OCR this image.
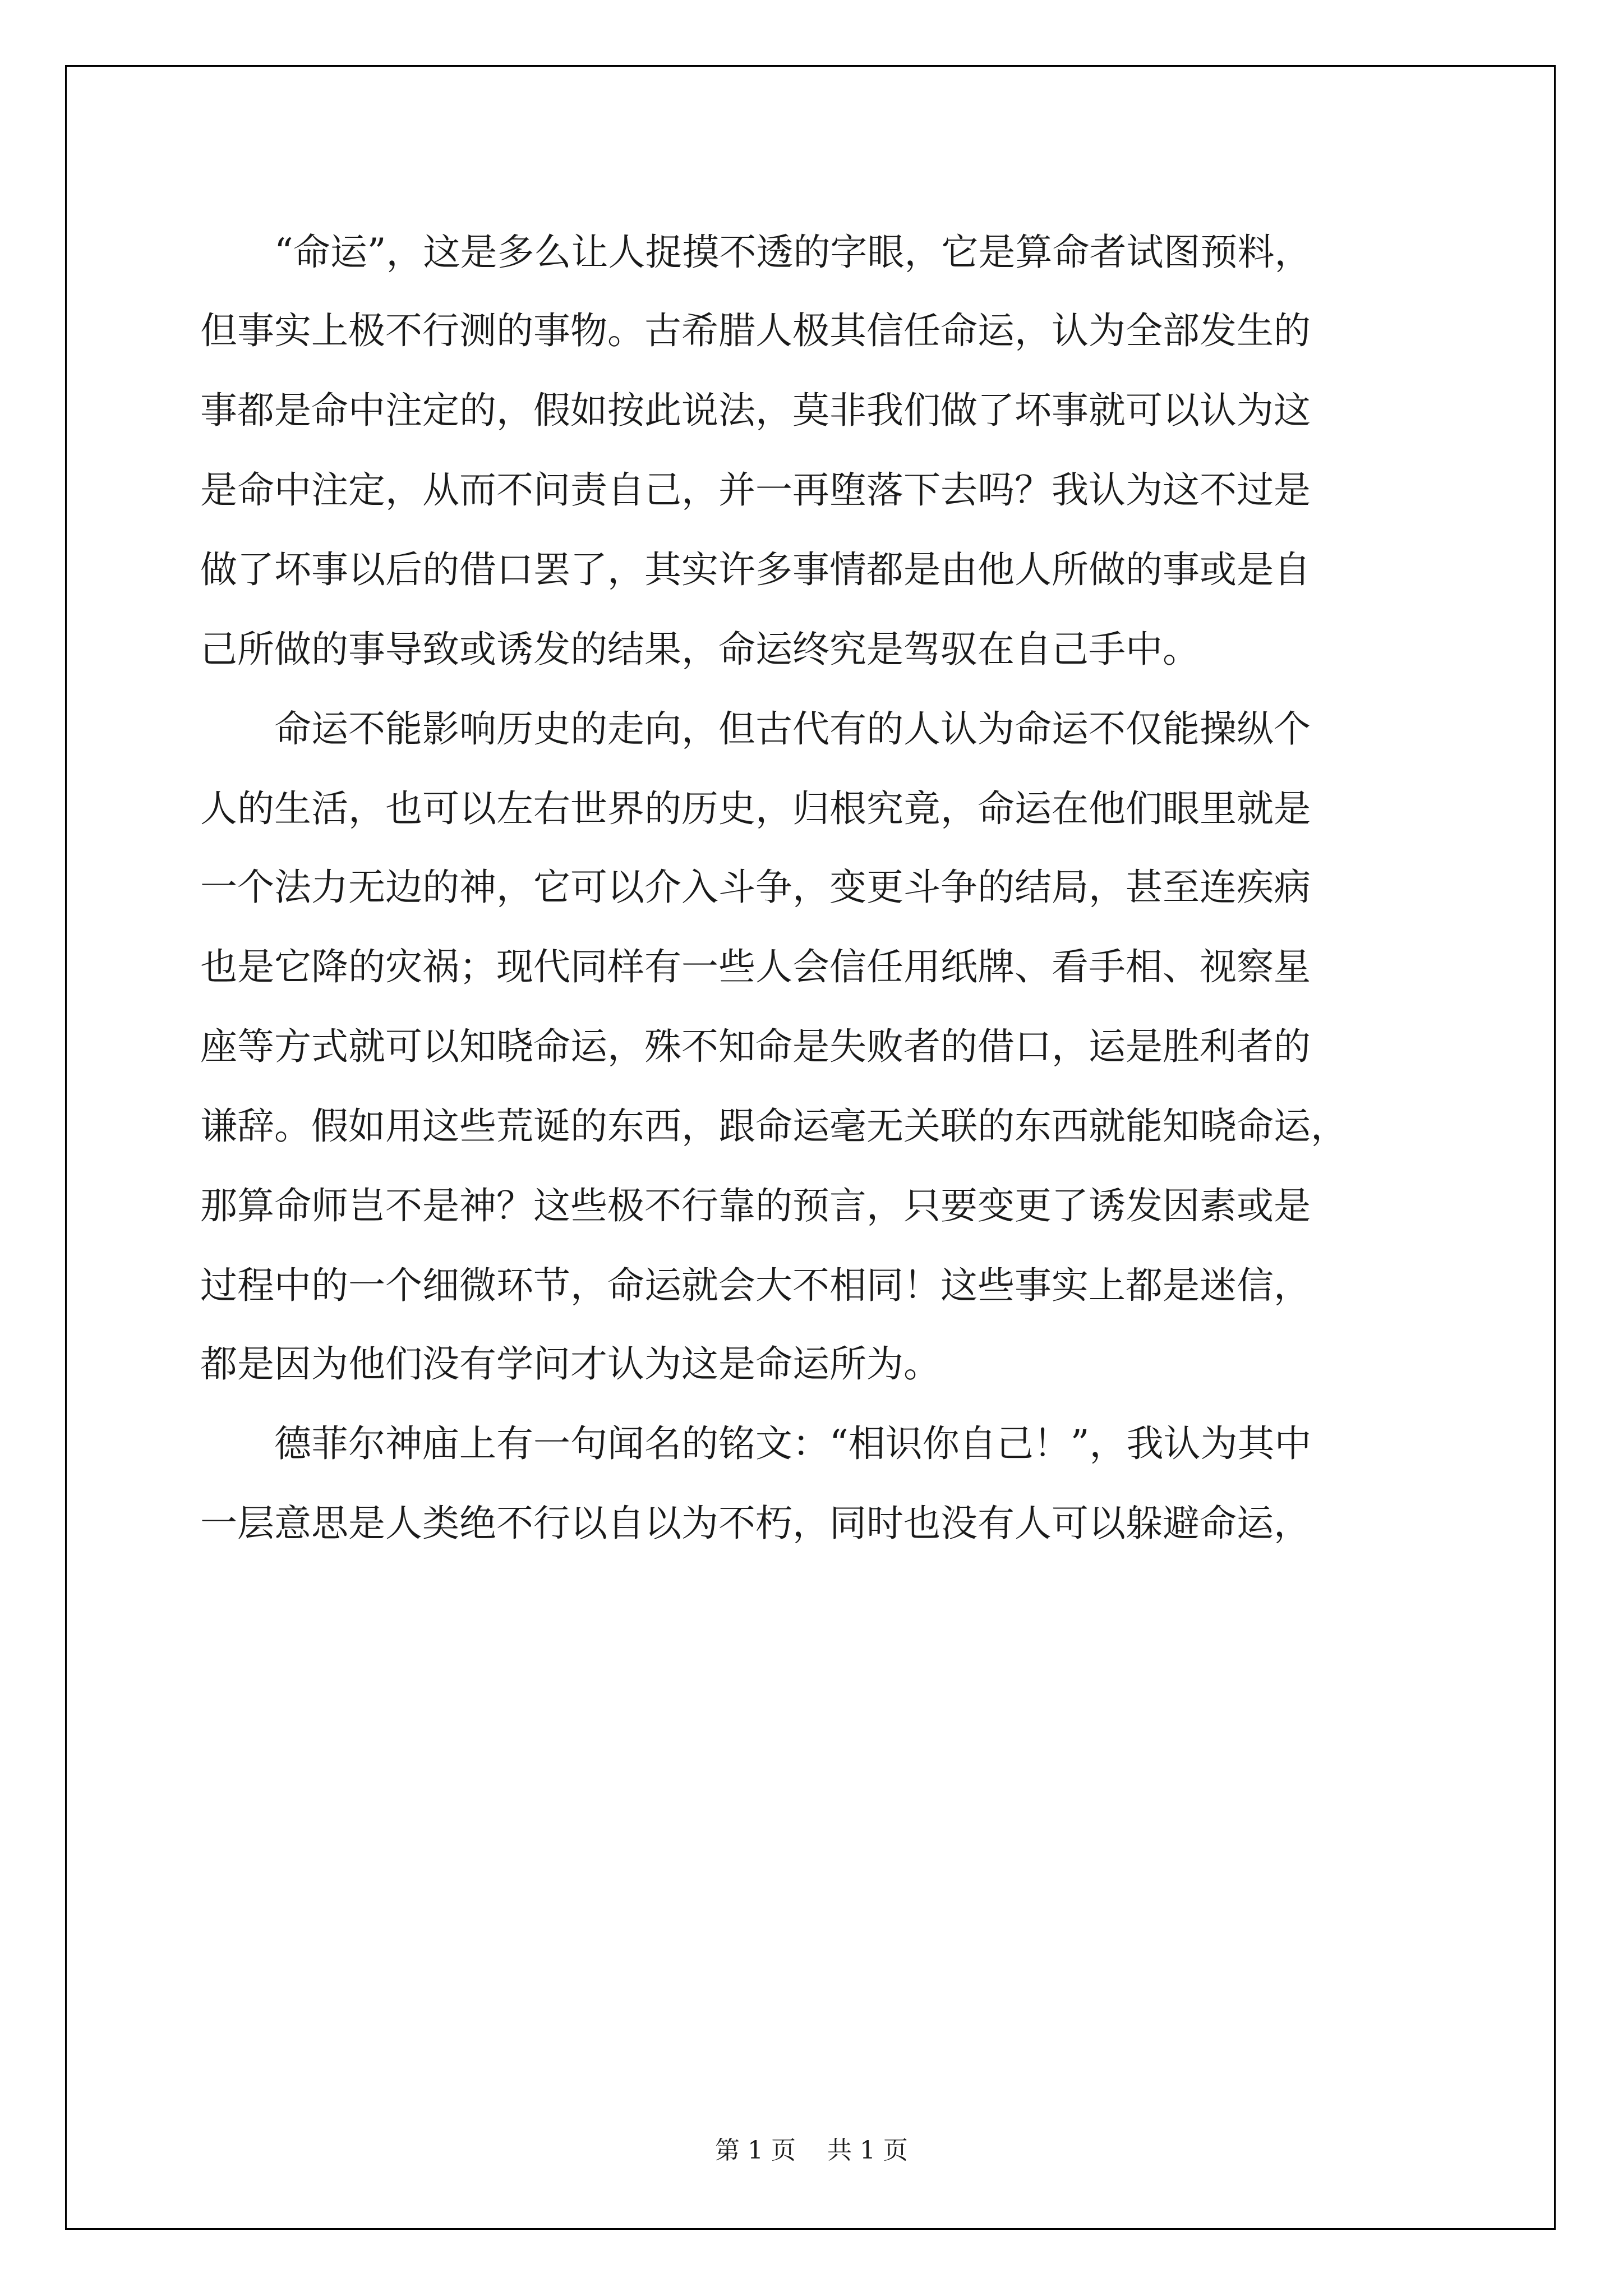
“命运”，这是多么让人捉摸不透的字眼，它是算命者试图预料，

但事实上极不行测的事物。古希腊人极其信任命运，认为全部发生的

事都是命中注定的，假如按此说法，莫非我们做了坏事就可以认为这

是命中注定，从而不问责自己，并一再堕落下去吗？我认为这不过是

做了坏事以后的借口罢了，其实许多事情都是由他人所做的事或是自

己所做的事导致或诱发的结果，命运终究是驾驭在自己手中。

命运不能影响历史的走向，但古代有的人认为命运不仅能操纵个

人的生活，也可以左右世界的历史，归根究竟，命运在他们眼里就是

一个法力无边的神，它可以介入斗争，变更斗争的结局，甚至连疾病

也是它降的灾祸；现代同样有一些人会信任用纸牌、看手相、视察星

座等方式就可以知晓命运，殊不知命是失败者的借口，运是胜利者的

谦辞。假如用这些荒诞的东西，跟命运毫无关联的东西就能知晓命运，

那算命师岂不是神？这些极不行靠的预言，只要变更了诱发因素或是

过程中的一个细微环节，命运就会大不相同！这些事实上都是迷信，

都是因为他们没有学问才认为这是命运所为。

德菲尔神庙上有一句闻名的铭文：“相识你自己！”，我认为其中

一层意思是人类绝不行以自以为不朽，同时也没有人可以躲避命运，

第 1 页    共 1 页
